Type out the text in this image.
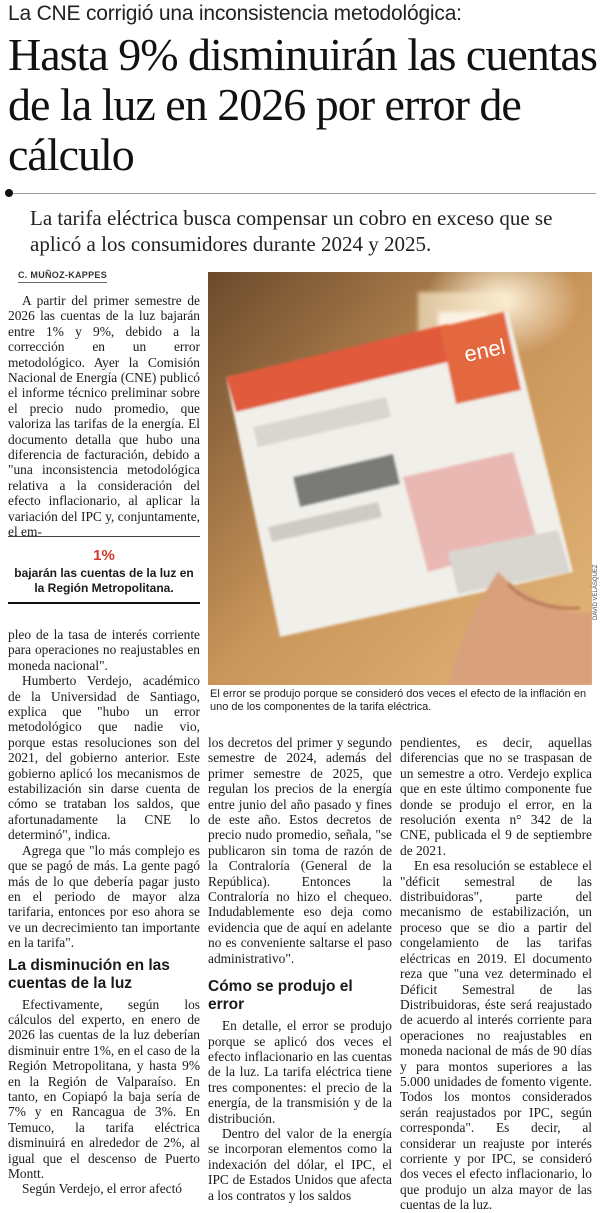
La CNE corrigió una inconsistencia metodológica:
Hasta 9% disminuirán las cuentas de la luz en 2026 por error de cálculo
La tarifa eléctrica busca compensar un cobro en exceso que se aplicó a los consumidores durante 2024 y 2025.
C. MUÑOZ-KAPPES

A partir del primer semestre de 2026 las cuentas de la luz bajarán entre 1% y 9%, debido a la corrección en un error metodológico. Ayer la Comisión Nacional de Energía (CNE) publicó el informe técnico preliminar sobre el precio nudo promedio, que valoriza las tarifas de la energía. El documento detalla que hubo una diferencia de facturación, debido a "una inconsistencia metodológica relativa a la consideración del efecto inflacionario, al aplicar la variación del IPC y, conjuntamente, el em-

1%
bajarán las cuentas de la luz en la Región Metropolitana.

pleo de la tasa de interés corriente para operaciones no reajustables en moneda nacional".

Humberto Verdejo, académico de la Universidad de Santiago, explica que "hubo un error metodológico que nadie vio, porque estas resoluciones son del 2021, del gobierno anterior. Este gobierno aplicó los mecanismos de estabilización sin darse cuenta de cómo se trataban los saldos, que afortunadamente la CNE lo determinó", indica.

Agrega que "lo más complejo es que se pagó de más. La gente pagó más de lo que debería pagar justo en el periodo de mayor alza tarifaria, entonces por eso ahora se ve un decrecimiento tan importante en la tarifa".

La disminución en las cuentas de la luz

Efectivamente, según los cálculos del experto, en enero de 2026 las cuentas de la luz deberían disminuir entre 1%, en el caso de la Región Metropolitana, y hasta 9% en la Región de Valparaíso. En tanto, en Copiapó la baja sería de 7% y en Rancagua de 3%. En Temuco, la tarifa eléctrica disminuirá en alrededor de 2%, al igual que el descenso de Puerto Montt.

Según Verdejo, el error afectó

enel
DAVID VELÁSQUEZ
El error se produjo porque se consideró dos veces el efecto de la inflación en uno de los componentes de la tarifa eléctrica.

los decretos del primer y segundo semestre de 2024, además del primer semestre de 2025, que regulan los precios de la energía entre junio del año pasado y fines de este año. Estos decretos de precio nudo promedio, señala, "se publicaron sin toma de razón de la Contraloría (General de la República). Entonces la Contraloría no hizo el chequeo. Indudablemente eso deja como evidencia que de aquí en adelante no es conveniente saltarse el paso administrativo".

Cómo se produjo el error

En detalle, el error se produjo porque se aplicó dos veces el efecto inflacionario en las cuentas de la luz. La tarifa eléctrica tiene tres componentes: el precio de la energía, de la transmisión y de la distribución.

Dentro del valor de la energía se incorporan elementos como la indexación del dólar, el IPC, el IPC de Estados Unidos que afecta a los contratos y los saldos

pendientes, es decir, aquellas diferencias que no se traspasan de un semestre a otro. Verdejo explica que en este último componente fue donde se produjo el error, en la resolución exenta n° 342 de la CNE, publicada el 9 de septiembre de 2021.

En esa resolución se establece el "déficit semestral de las distribuidoras", parte del mecanismo de estabilización, un proceso que se dio a partir del congelamiento de las tarifas eléctricas en 2019. El documento reza que "una vez determinado el Déficit Semestral de las Distribuidoras, éste será reajustado de acuerdo al interés corriente para operaciones no reajustables en moneda nacional de más de 90 días y para montos superiores a las 5.000 unidades de fomento vigente. Todos los montos considerados serán reajustados por IPC, según corresponda". Es decir, al considerar un reajuste por interés corriente y por IPC, se consideró dos veces el efecto inflacionario, lo que produjo un alza mayor de las cuentas de la luz.
